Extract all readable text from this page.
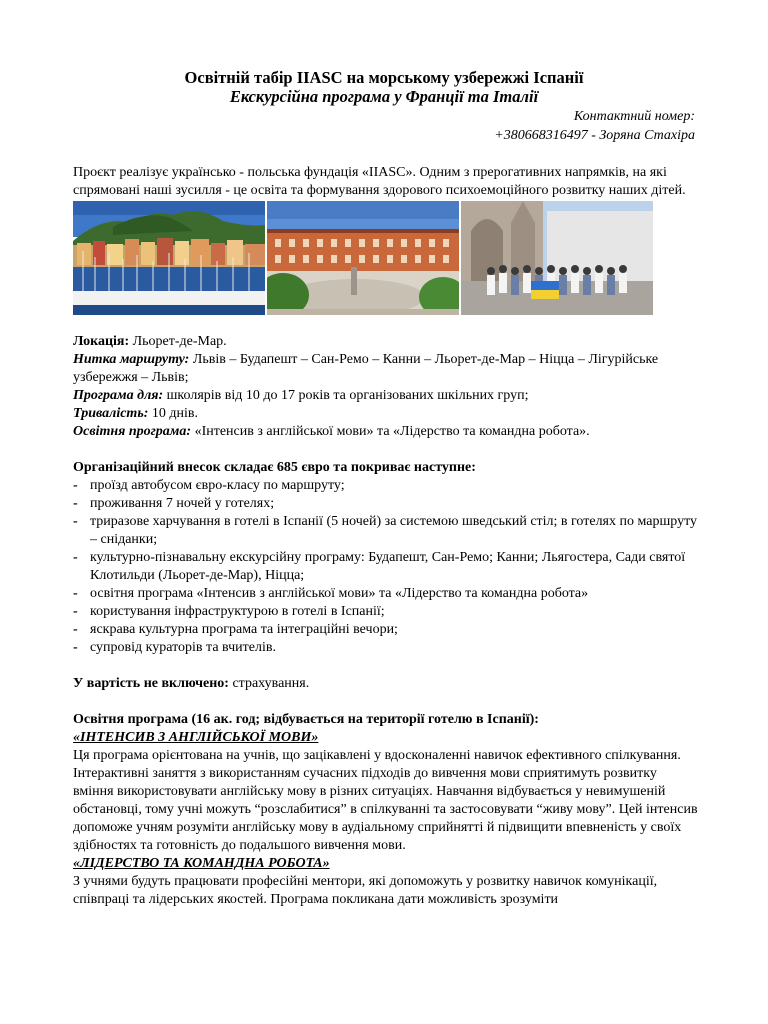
Освітній табір ІІASC на морському узбережжі Іспанії
Екскурсійна програма у Франції та Італії
Контактний номер:
+380668316497 - Зоряна Стахіра

Проєкт реалізує українсько - польська фундація «ІІASC». Одним з прерогативних напрямків, на які спрямовані наші зусилля - це освіта та формування здорового психоемоційного розвитку наших дітей.

Локація: Льорет-де-Мар.

Нитка маршруту: Львів – Будапешт – Сан-Ремо – Канни – Льорет-де-Мар – Ніцца – Лігурійське узбережжя – Львів;

Програма для: школярів від 10 до 17 років та організованих шкільних груп;

Тривалість: 10 днів.

Освітня програма: «Інтенсив з англійської мови» та «Лідерство та командна робота».

Організаційний внесок складає 685 євро та покриває наступне:

- проїзд автобусом євро-класу по маршруту;
- проживання 7 ночей у готелях;
- триразове харчування в готелі в Іспанії (5 ночей) за системою шведський стіл; в готелях по маршруту – сніданки;
- культурно-пізнавальну екскурсійну програму: Будапешт, Сан-Ремо; Канни; Льягостера, Сади святої Клотильди (Льорет-де-Мар), Ніцца;
- освітня програма «Інтенсив з англійської мови» та «Лідерство та командна робота»
- користування інфраструктурою в готелі в Іспанії;
- яскрава культурна програма та інтеграційні вечори;
- супровід кураторів та вчителів.

У вартість не включено: страхування.

Освітня програма (16 ак. год; відбувається на території готелю в Іспанії):

«ІНТЕНСИВ З АНГЛІЙСЬКОЇ МОВИ»

Ця програма орієнтована на учнів, що зацікавлені у вдосконаленні навичок ефективного спілкування. Інтерактивні заняття з використанням сучасних підходів до вивчення мови сприятимуть розвитку вміння використовувати англійську мову в різних ситуаціях. Навчання відбувається у невимушеній обстановці, тому учні можуть “розслабитися” в спілкуванні та застосовувати “живу мову”. Цей інтенсив допоможе учням розуміти англійську мову в аудіальному сприйнятті й підвищити впевненість у своїх здібностях та готовність до подальшого вивчення мови.

«ЛІДЕРСТВО ТА КОМАНДНА РОБОТА»

З учнями будуть працювати професійні ментори, які допоможуть у розвитку навичок комунікації, співпраці та лідерських якостей. Програма покликана дати можливість зрозуміти
